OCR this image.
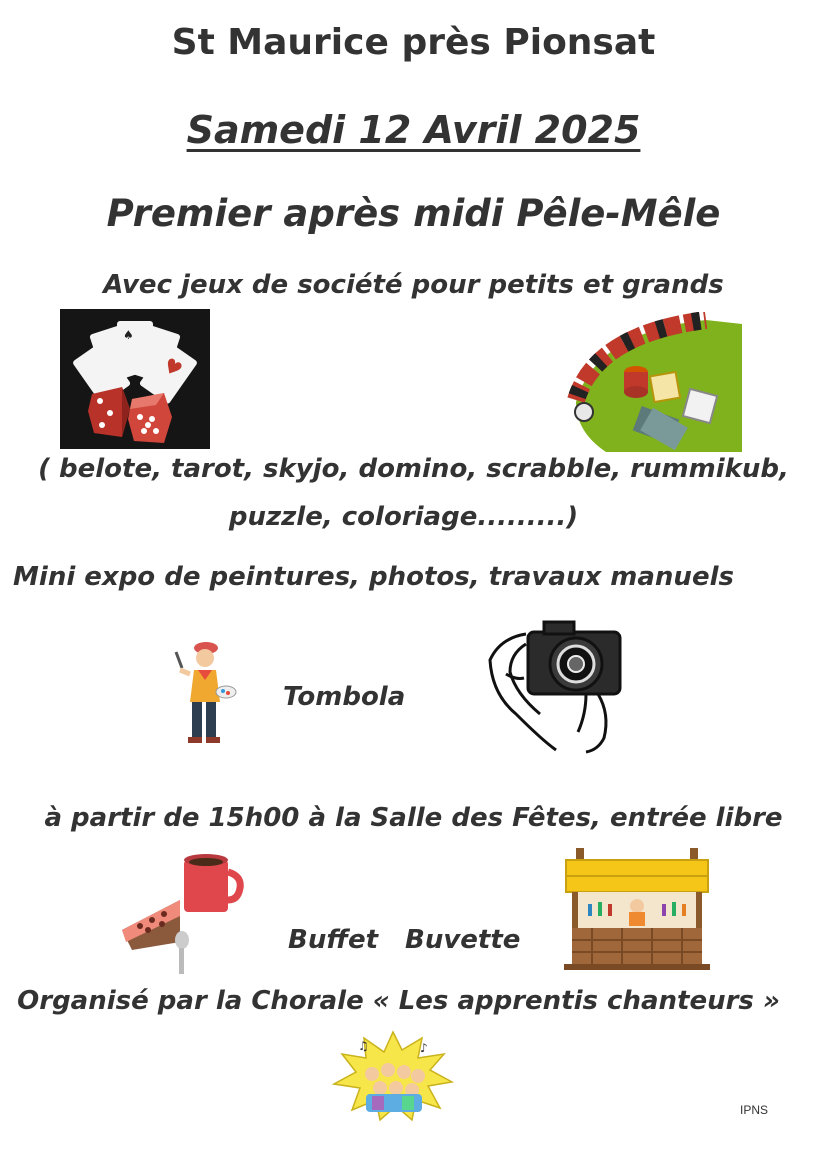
St Maurice près Pionsat
Samedi 12 Avril 2025
Premier après midi Pêle-Mêle
Avec jeux de société pour petits et grands
♥
♠
( belote, tarot, skyjo, domino, scrabble, rummikub,
puzzle, coloriage.........)
Mini expo de peintures, photos, travaux manuels
Tombola
à partir de 15h00 à la Salle des Fêtes, entrée libre
Buffet Buvette
Organisé par la Chorale « Les apprentis chanteurs »
♪
♫
IPNS
